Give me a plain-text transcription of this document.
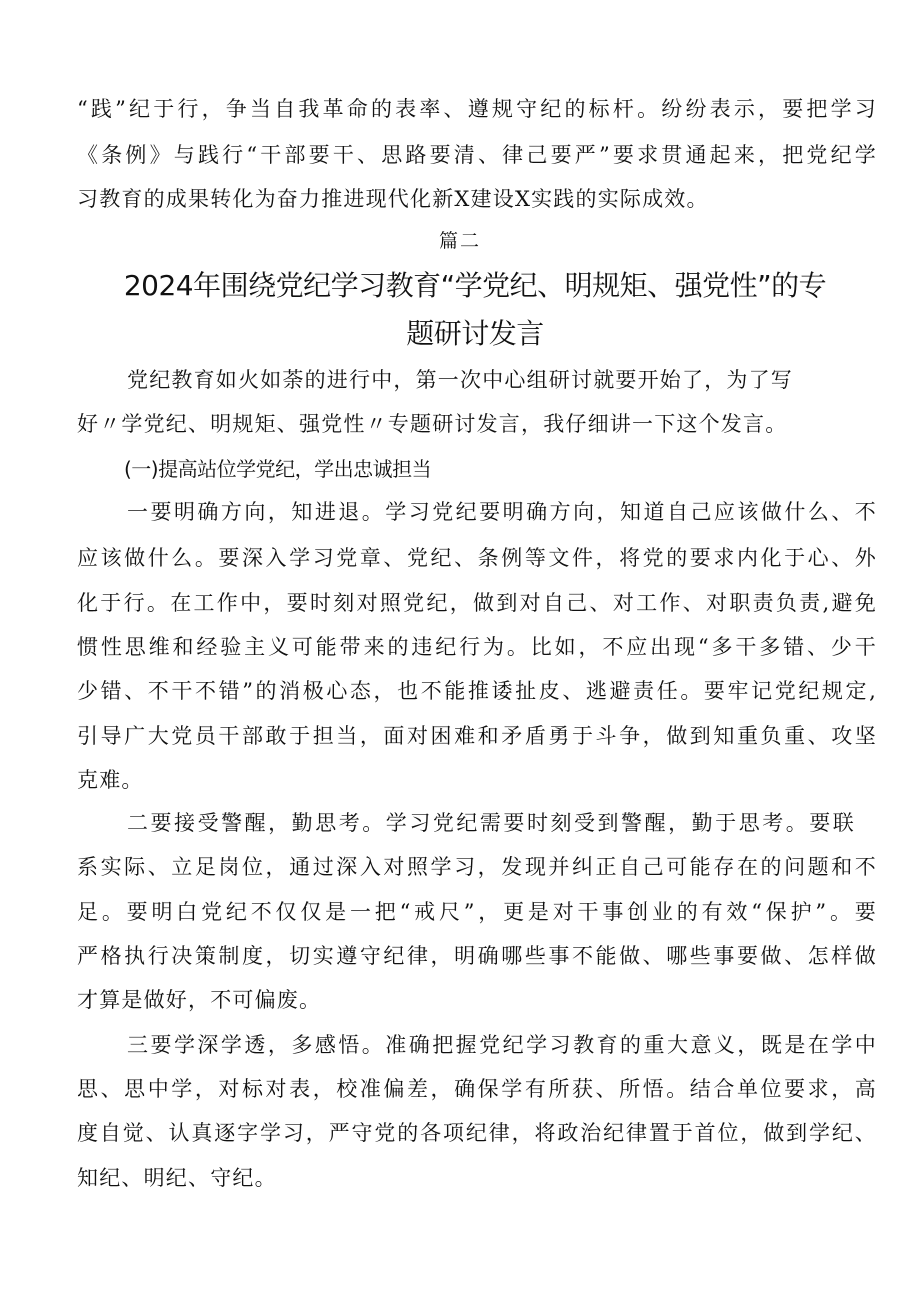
“践”纪于行，争当自我革命的表率、遵规守纪的标杆。纷纷表示，要把学习
《条例》与践行“干部要干、思路要清、律己要严”要求贯通起来，把党纪学
习教育的成果转化为奋力推进现代化新X建设X实践的实际成效。
篇二
2024年围绕党纪学习教育“学党纪、明规矩、强党性”的专
题研讨发言
党纪教育如火如荼的进行中，第一次中心组研讨就要开始了，为了写
好〃学党纪、明规矩、强党性〃专题研讨发言，我仔细讲一下这个发言。
(一)提高站位学党纪，学出忠诚担当
一要明确方向，知进退。学习党纪要明确方向，知道自己应该做什么、不
应该做什么。要深入学习党章、党纪、条例等文件，将党的要求内化于心、外
化于行。在工作中，要时刻对照党纪，做到对自己、对工作、对职责负责,避免
惯性思维和经验主义可能带来的违纪行为。比如，不应出现“多干多错、少干
少错、不干不错”的消极心态，也不能推诿扯皮、逃避责任。要牢记党纪规定,
引导广大党员干部敢于担当，面对困难和矛盾勇于斗争，做到知重负重、攻坚
克难。
二要接受警醒，勤思考。学习党纪需要时刻受到警醒，勤于思考。要联
系实际、立足岗位，通过深入对照学习，发现并纠正自己可能存在的问题和不
足。要明白党纪不仅仅是一把“戒尺”，更是对干事创业的有效“保护”。要
严格执行决策制度，切实遵守纪律，明确哪些事不能做、哪些事要做、怎样做
才算是做好，不可偏废。
三要学深学透，多感悟。准确把握党纪学习教育的重大意义，既是在学中
思、思中学，对标对表，校准偏差，确保学有所获、所悟。结合单位要求，高
度自觉、认真逐字学习，严守党的各项纪律，将政治纪律置于首位，做到学纪、
知纪、明纪、守纪。
